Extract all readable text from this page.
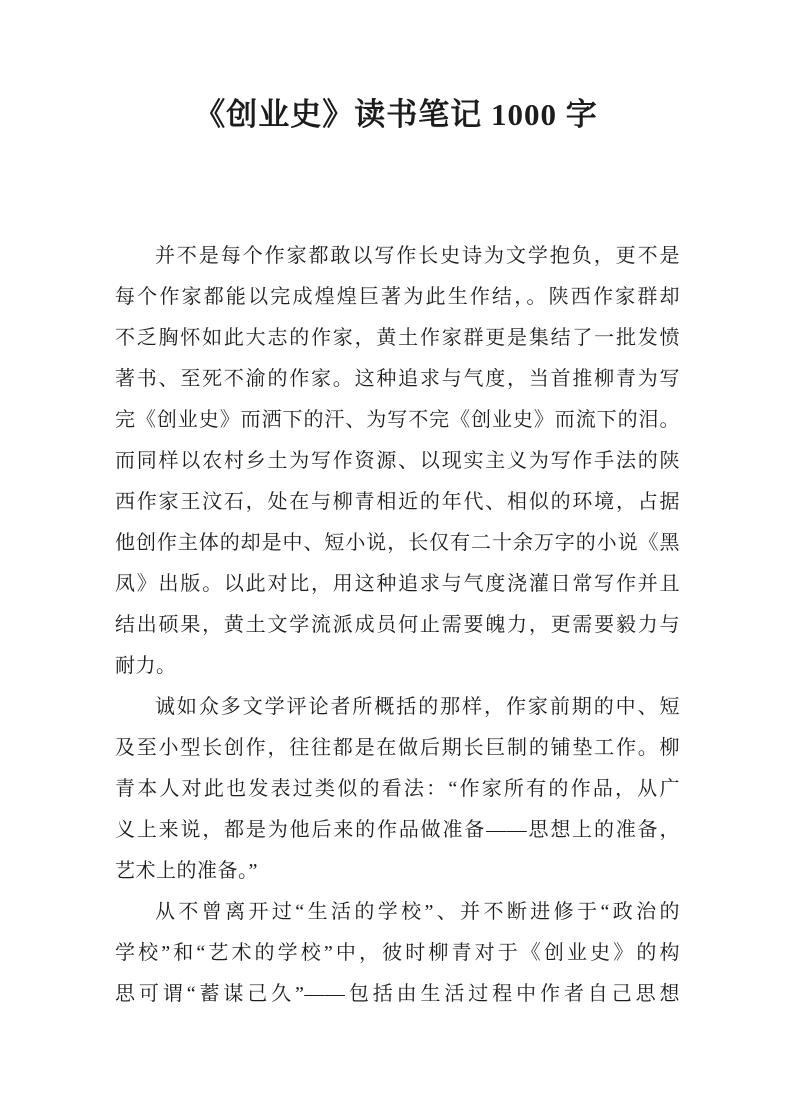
《创业史》读书笔记 1000 字
并不是每个作家都敢以写作长史诗为文学抱负，更不是
每个作家都能以完成煌煌巨著为此生作结，。陕西作家群却
不乏胸怀如此大志的作家，黄土作家群更是集结了一批发愤
著书、至死不渝的作家。这种追求与气度，当首推柳青为写
完《创业史》而洒下的汗、为写不完《创业史》而流下的泪。
而同样以农村乡土为写作资源、以现实主义为写作手法的陕
西作家王汶石，处在与柳青相近的年代、相似的环境，占据
他创作主体的却是中、短小说，长仅有二十余万字的小说《黑
凤》出版。以此对比，用这种追求与气度浇灌日常写作并且
结出硕果，黄土文学流派成员何止需要魄力，更需要毅力与
耐力。
诚如众多文学评论者所概括的那样，作家前期的中、短
及至小型长创作，往往都是在做后期长巨制的铺垫工作。柳
青本人对此也发表过类似的看法：“作家所有的作品，从广
义上来说，都是为他后来的作品做准备——思想上的准备，
艺术上的准备。”
从不曾离开过“生活的学校”、并不断进修于“政治的
学校”和“艺术的学校”中，彼时柳青对于《创业史》的构
思可谓“蓄谋己久”——包括由生活过程中作者自己思想
